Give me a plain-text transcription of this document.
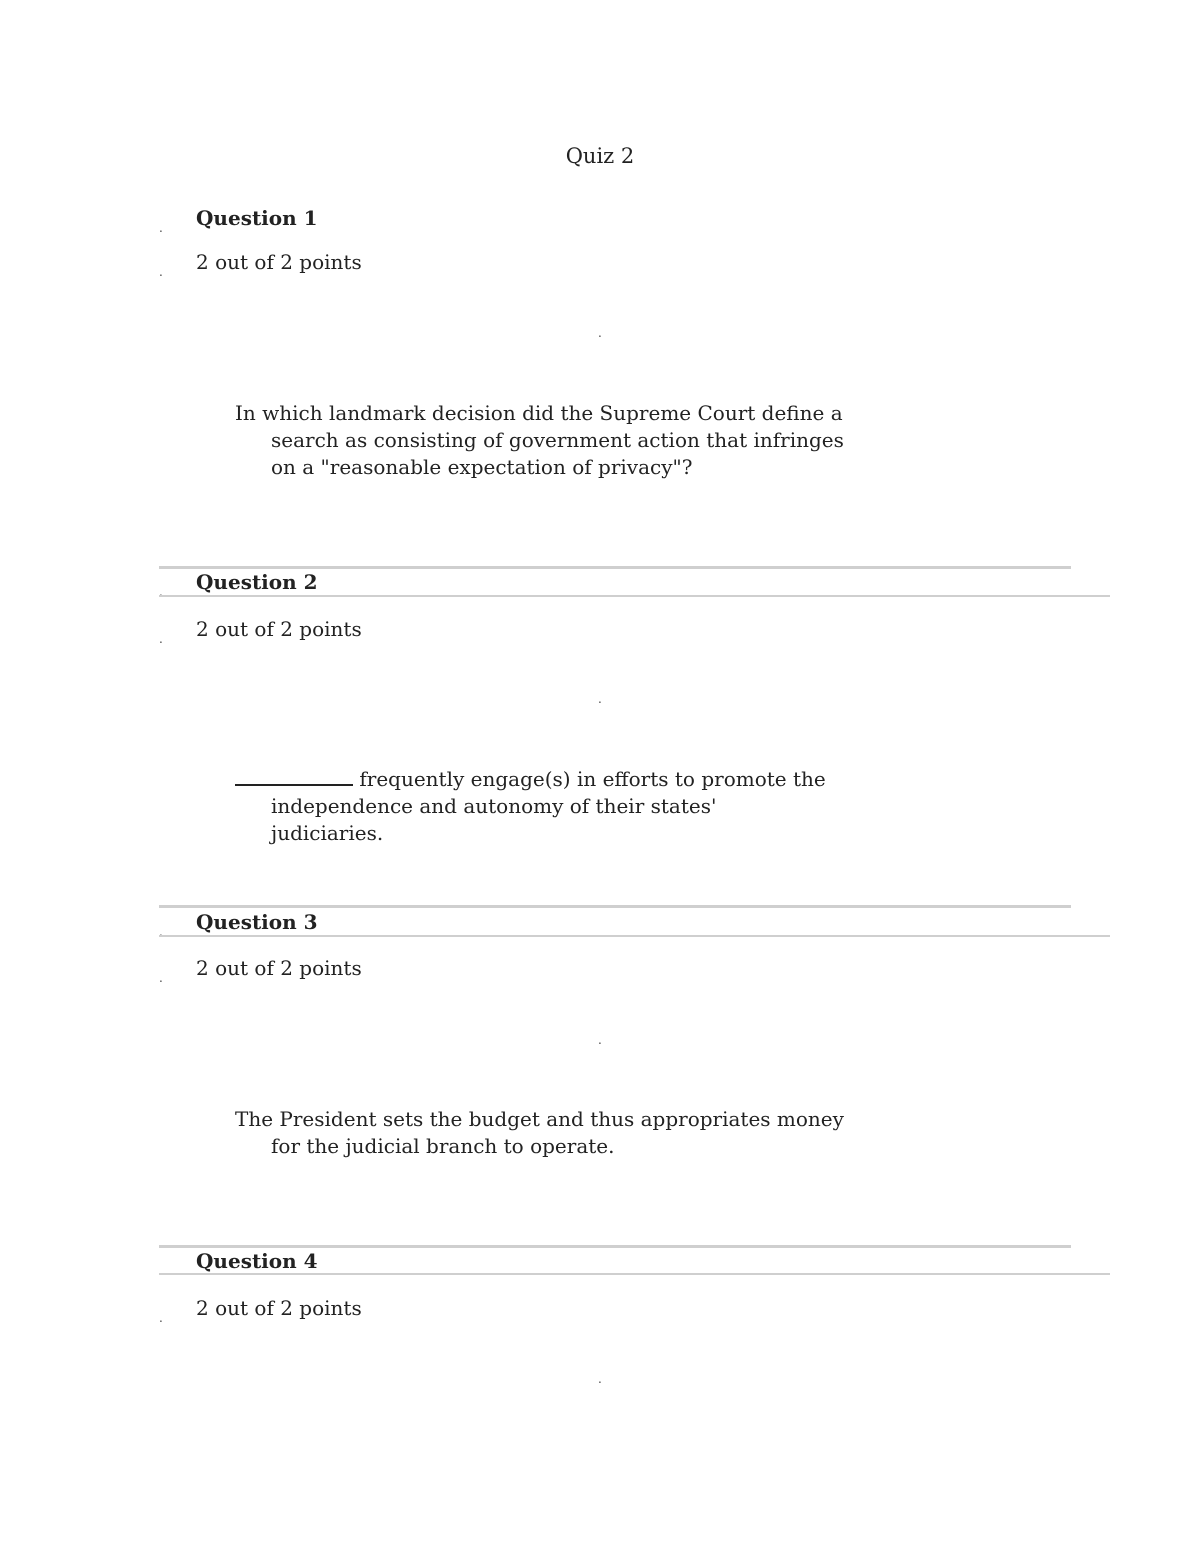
Quiz 2
. Question 1
. 2 out of 2 points
.
In which landmark decision did the Supreme Court define a search as consisting of government action that infringes on a "reasonable expectation of privacy"?
. Question 2
. 2 out of 2 points
.
frequently engage(s) in efforts to promote the independence and autonomy of their states' judiciaries.
. Question 3
. 2 out of 2 points
.
The President sets the budget and thus appropriates money for the judicial branch to operate.
. Question 4
. 2 out of 2 points
.
